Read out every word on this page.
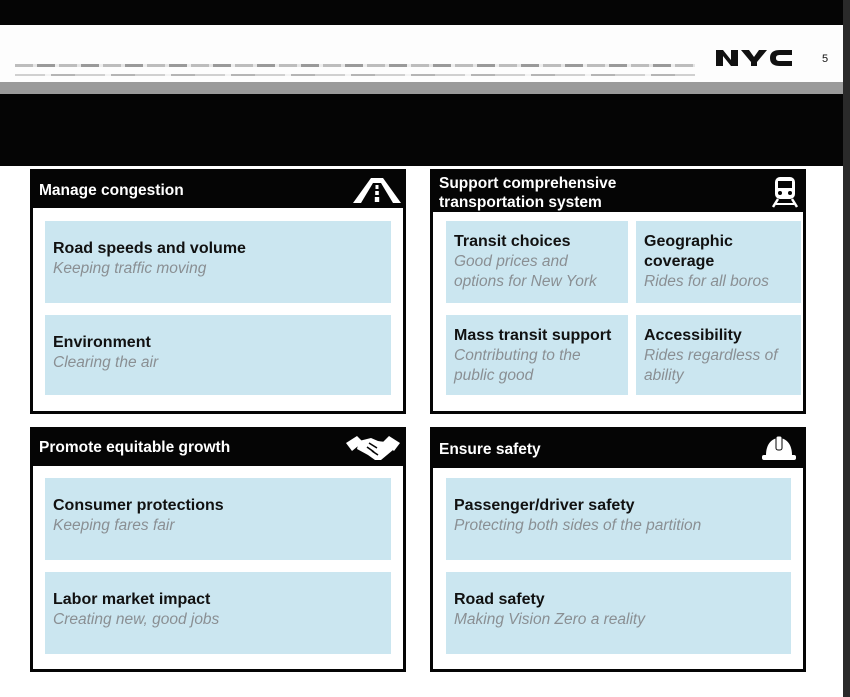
5
Manage congestion
Road speeds and volume
Keeping traffic moving
Environment
Clearing the air
Support comprehensive
transportation system
Transit choices
Good prices and
options for New York
Geographic
coverage
Rides for all boros
Mass transit support
Contributing to the
public good
Accessibility
Rides regardless of
ability
Promote equitable growth
Consumer protections
Keeping fares fair
Labor market impact
Creating new, good jobs
Ensure safety
Passenger/driver safety
Protecting both sides of the partition
Road safety
Making Vision Zero a reality
